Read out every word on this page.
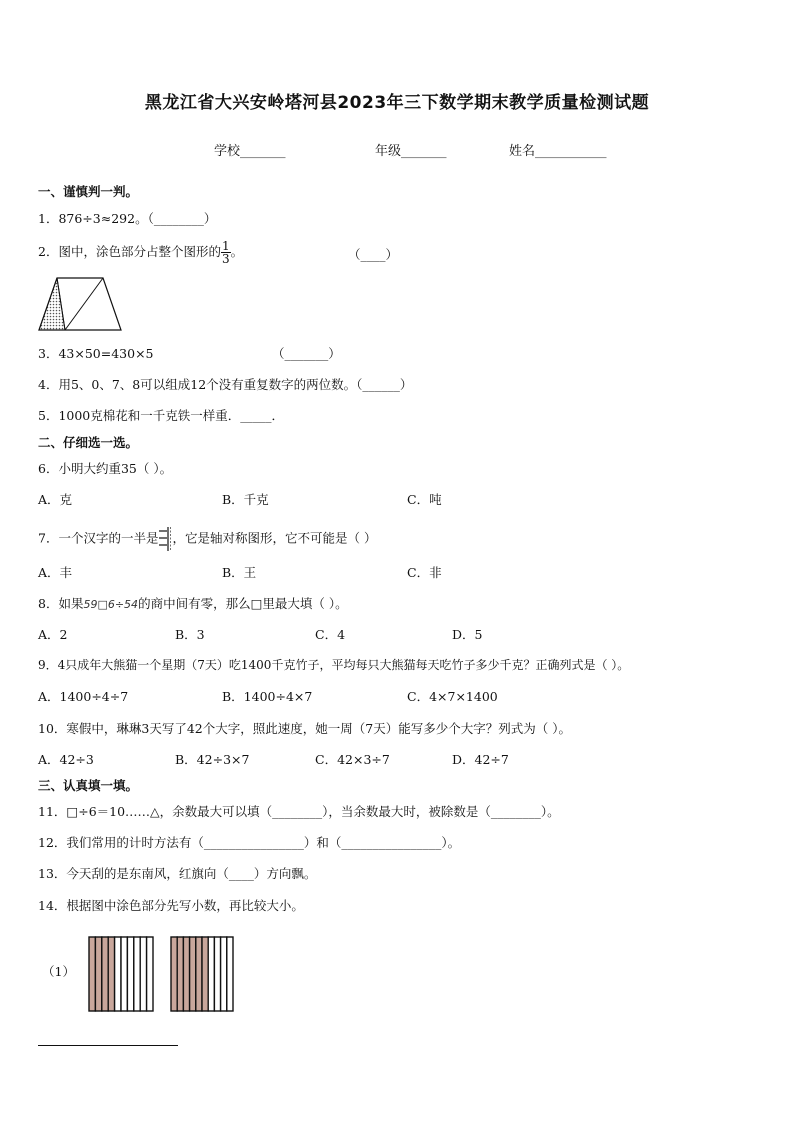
黑龙江省大兴安岭塔河县2023年三下数学期末教学质量检测试题
学校_______	年级_______	姓名___________
一、谨慎判一判。
1．876÷3≈292。（________）
2．图中，涂色部分占整个图形的 $\frac{1}{3}$ 。	（____）
3．43×50=430×5	（_______）
4．用5、0、7、8可以组成12个没有重复数字的两位数。（______）
5．1000克棉花和一千克铁一样重．_____．
二、仔细选一选。
6．小明大约重35（ ）。
A．克	B．千克	C．吨
7．一个汉字的一半是 ，它是轴对称图形，它不可能是（ ）
A．丰	B．王	C．非
8．如果59□6÷54的商中间有零，那么□里最大填（ ）。
A．2	B．3	C．4	D．5
9．4只成年大熊猫一个星期（7天）吃1400千克竹子，平均每只大熊猫每天吃竹子多少千克？正确列式是（ ）。
A．1400÷4÷7	B．1400÷4×7	C．4×7×1400
10．寒假中，琳琳3天写了42个大字，照此速度，她一周（7天）能写多少个大字？列式为（ ）。
A．42÷3	B．42÷3×7	C．42×3÷7	D．42÷7
三、认真填一填。
11．□÷6＝10……△，余数最大可以填（________），当余数最大时，被除数是（________）。
12．我们常用的计时方法有（________________）和（________________）。
13．今天刮的是东南风，红旗向（____）方向飘。
14．根据图中涂色部分先写小数，再比较大小。
（1）
